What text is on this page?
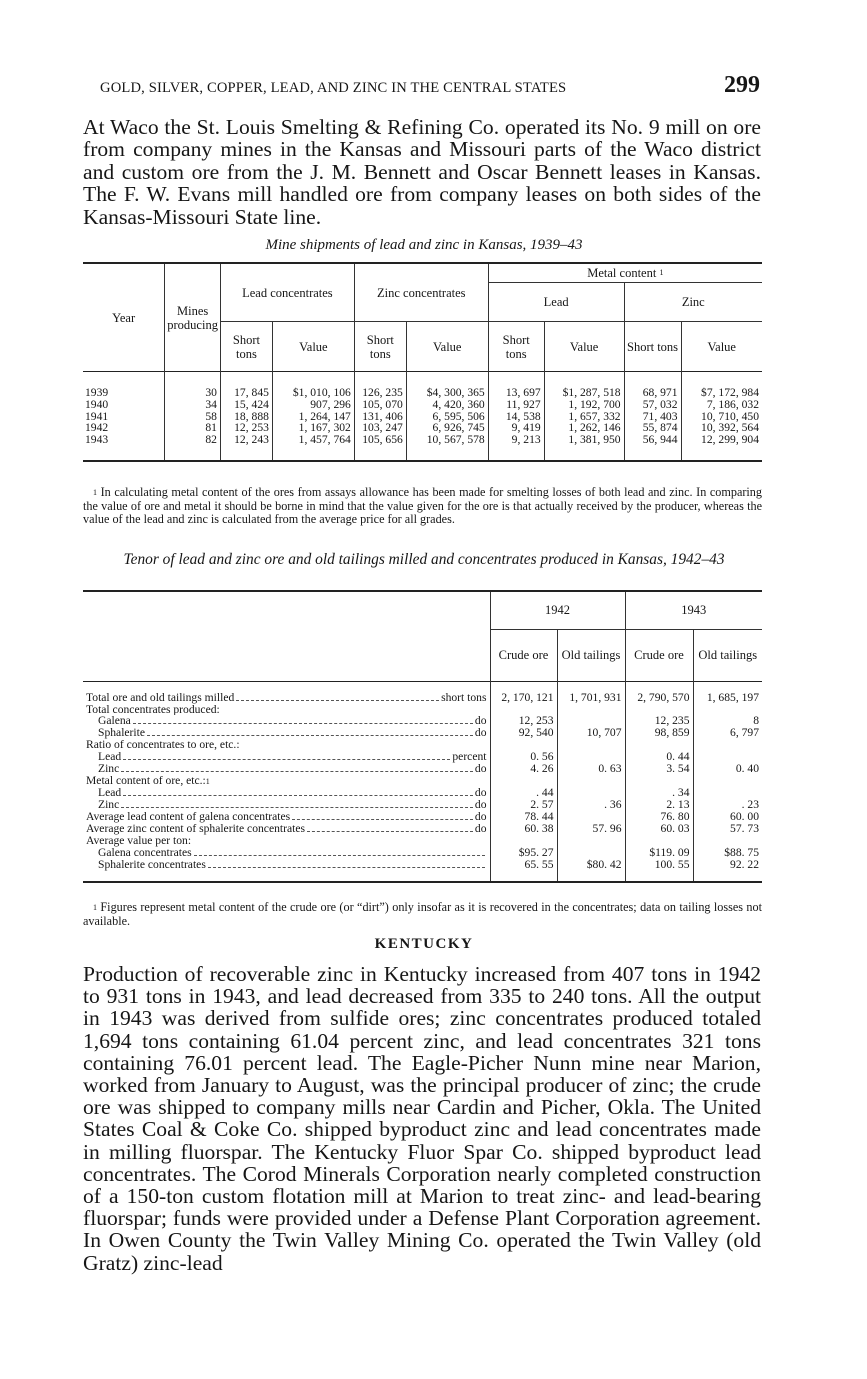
GOLD, SILVER, COPPER, LEAD, AND ZINC IN THE CENTRAL STATES	299

At Waco the St. Louis Smelting & Refining Co. operated its No. 9 mill on ore from company mines in the Kansas and Missouri parts of the Waco district and custom ore from the J. M. Bennett and Oscar Bennett leases in Kansas. The F. W. Evans mill handled ore from company leases on both sides of the Kansas-Missouri State line.

Mine shipments of lead and zinc in Kansas, 1939–43

Year	Mines producing	Lead concentrates		Zinc concentrates		Metal content $^1$
						Lead		Zinc	
		Short tons	Value	Short tons	Value	Short tons	Value	Short tons	Value
1939	30	17, 845	$1, 010, 106	126, 235	$4, 300, 365	13, 697	$1, 287, 518	68, 971	$7, 172, 984
1940	34	15, 424	907, 296	105, 070	4, 420, 360	11, 927	1, 192, 700	57, 032	7, 186, 032
1941	58	18, 888	1, 264, 147	131, 406	6, 595, 506	14, 538	1, 657, 332	71, 403	10, 710, 450
1942	81	12, 253	1, 167, 302	103, 247	6, 926, 745	9, 419	1, 262, 146	55, 874	10, 392, 564
1943	82	12, 243	1, 457, 764	105, 656	10, 567, 578	9, 213	1, 381, 950	56, 944	12, 299, 904

$^1$ In calculating metal content of the ores from assays allowance has been made for smelting losses of both lead and zinc. In comparing the value of ore and metal it should be borne in mind that the value given for the ore is that actually received by the producer, whereas the value of the lead and zinc is calculated from the average price for all grades.

Tenor of lead and zinc ore and old tailings milled and concentrates produced in Kansas, 1942–43

	1942		1943	
	Crude ore	Old tailings	Crude ore	Old tailings

Total ore and old tailings milled short tons	2, 170, 121	1, 701, 931	2, 790, 570	1, 685, 197

Total concentrates produced:				

Galena do	12, 253		12, 235	8

Sphalerite do	92, 540	10, 707	98, 859	6, 797

Ratio of concentrates to ore, etc.:				

Lead percent	0. 56		0. 44	

Zinc do	4. 26	0. 63	3. 54	0. 40

Metal content of ore, etc.: 1				

Lead do	. 44		. 34	

Zinc do	2. 57	. 36	2. 13	. 23

Average lead content of galena concentrates do	78. 44		76. 80	60. 00

Average zinc content of sphalerite concentrates do	60. 38	57. 96	60. 03	57. 73

Average value per ton:				

Galena concentrates	$95. 27		$119. 09	$88. 75

Sphalerite concentrates	65. 55	$80. 42	100. 55	92. 22

$^1$ Figures represent metal content of the crude ore (or “dirt”) only insofar as it is recovered in the concentrates; data on tailing losses not available.

KENTUCKY

Production of recoverable zinc in Kentucky increased from 407 tons in 1942 to 931 tons in 1943, and lead decreased from 335 to 240 tons. All the output in 1943 was derived from sulfide ores; zinc concentrates produced totaled 1,694 tons containing 61.04 percent zinc, and lead concentrates 321 tons containing 76.01 percent lead. The Eagle-Picher Nunn mine near Marion, worked from January to August, was the principal producer of zinc; the crude ore was shipped to company mills near Cardin and Picher, Okla. The United States Coal & Coke Co. shipped byproduct zinc and lead concentrates made in milling fluorspar. The Kentucky Fluor Spar Co. shipped byproduct lead concentrates. The Corod Minerals Corporation nearly completed construction of a 150-ton custom flotation mill at Marion to treat zinc- and lead-bearing fluorspar; funds were provided under a Defense Plant Corporation agreement. In Owen County the Twin Valley Mining Co. operated the Twin Valley (old Gratz) zinc-lead
